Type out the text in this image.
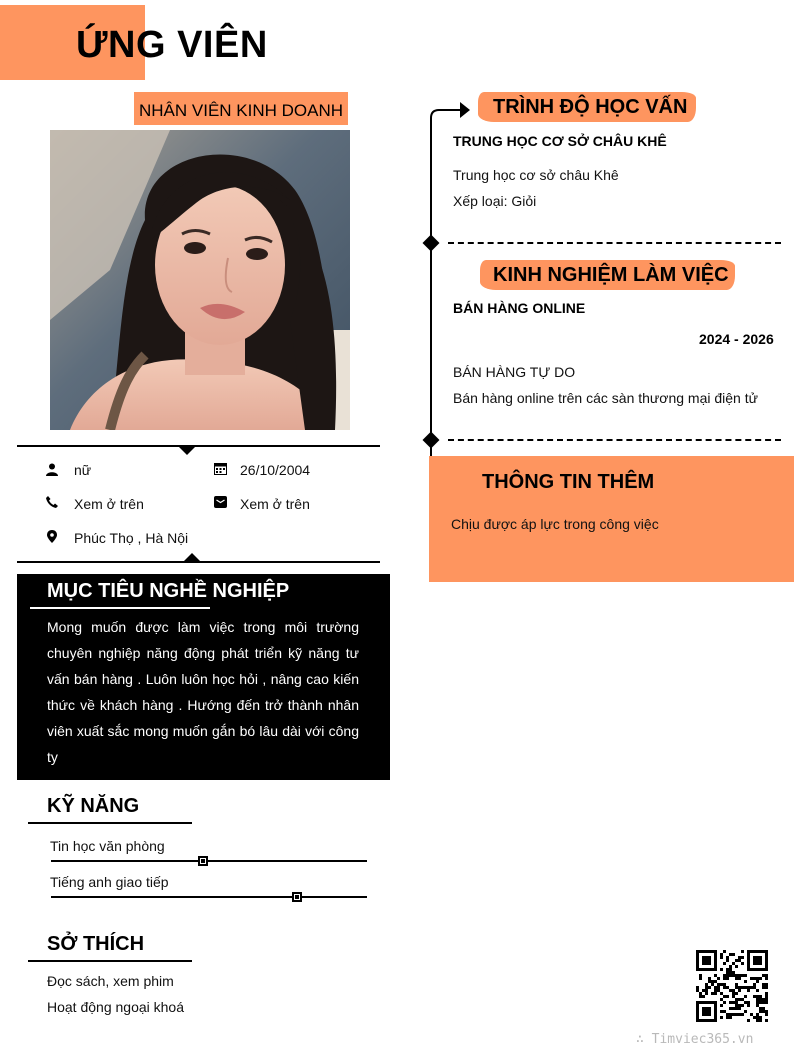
ỨNG VIÊN
NHÂN VIÊN KINH DOANH
nữ	26/10/2004
Xem ở trên	Xem ở trên
Phúc Thọ , Hà Nội
MỤC TIÊU NGHỀ NGHIỆP
Mong muốn được làm việc trong môi trường chuyên nghiệp năng động phát triển kỹ năng tư vấn bán hàng . Luôn luôn học hỏi , nâng cao kiến thức về khách hàng . Hướng đến trở thành nhân viên xuất sắc mong muốn gắn bó lâu dài với công ty
KỸ NĂNG
Tin học văn phòng
Tiếng anh giao tiếp
SỞ THÍCH
Đọc sách, xem phim
Hoạt động ngoại khoá
TRÌNH ĐỘ HỌC VẤN
TRUNG HỌC CƠ SỞ CHÂU KHÊ
Trung học cơ sở châu Khê
Xếp loại: Giỏi
KINH NGHIỆM LÀM VIỆC
BÁN HÀNG ONLINE
2024 - 2026
BÁN HÀNG TỰ DO
Bán hàng online trên các sàn thương mại điện tử
THÔNG TIN THÊM
Chịu được áp lực trong công việc
∴ Timviec365.vn
